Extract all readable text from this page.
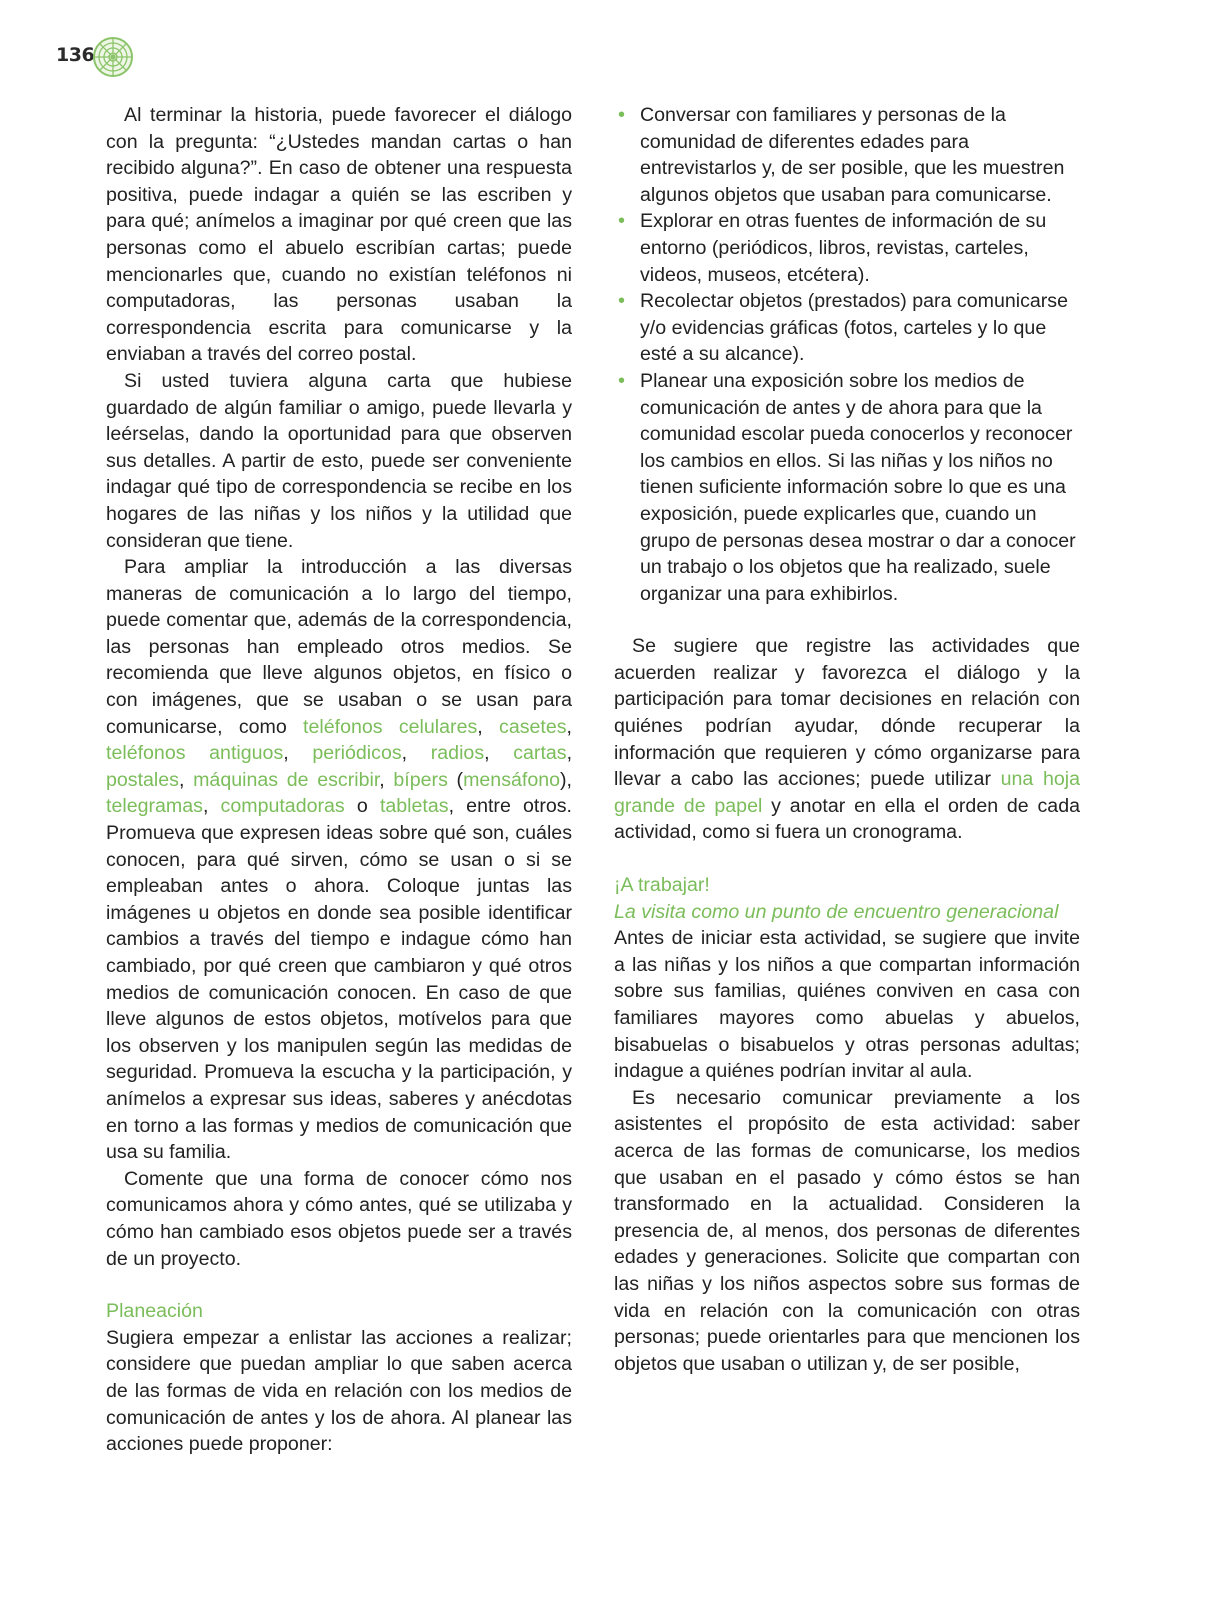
136

Al terminar la historia, puede favorecer el diálogo con la pregunta: “¿Ustedes mandan cartas o han recibido alguna?”. En caso de obtener una respuesta positiva, puede indagar a quién se las escriben y para qué; anímelos a imaginar por qué creen que las personas como el abuelo escribían cartas; puede mencionarles que, cuando no existían teléfonos ni computadoras, las personas usaban la correspondencia escrita para comunicarse y la enviaban a través del correo postal.

Si usted tuviera alguna carta que hubiese guardado de algún familiar o amigo, puede llevarla y leérselas, dando la oportunidad para que observen sus detalles. A partir de esto, puede ser conveniente indagar qué tipo de correspondencia se recibe en los hogares de las niñas y los niños y la utilidad que consideran que tiene.

Para ampliar la introducción a las diversas maneras de comunicación a lo largo del tiempo, puede comentar que, además de la correspondencia, las personas han empleado otros medios. Se recomienda que lleve algunos objetos, en físico o con imágenes, que se usaban o se usan para comunicarse, como teléfonos celulares, casetes, teléfonos antiguos, periódicos, radios, cartas, postales, máquinas de escribir, bípers (mensáfono), telegramas, computadoras o tabletas, entre otros. Promueva que expresen ideas sobre qué son, cuáles conocen, para qué sirven, cómo se usan o si se empleaban antes o ahora. Coloque juntas las imágenes u objetos en donde sea posible identificar cambios a través del tiempo e indague cómo han cambiado, por qué creen que cambiaron y qué otros medios de comunicación conocen. En caso de que lleve algunos de estos objetos, motívelos para que los observen y los manipulen según las medidas de seguridad. Promueva la escucha y la participación, y anímelos a expresar sus ideas, saberes y anécdotas en torno a las formas y medios de comunicación que usa su familia.

Comente que una forma de conocer cómo nos comunicamos ahora y cómo antes, qué se utilizaba y cómo han cambiado esos objetos puede ser a través de un proyecto.

Planeación

Sugiera empezar a enlistar las acciones a realizar; considere que puedan ampliar lo que saben acerca de las formas de vida en relación con los medios de comunicación de antes y los de ahora. Al planear las acciones puede proponer:

• Conversar con familiares y personas de la comunidad de diferentes edades para entrevistarlos y, de ser posible, que les muestren algunos objetos que usaban para comunicarse.
• Explorar en otras fuentes de información de su entorno (periódicos, libros, revistas, carteles, videos, museos, etcétera).
• Recolectar objetos (prestados) para comunicarse y/o evidencias gráficas (fotos, carteles y lo que esté a su alcance).
• Planear una exposición sobre los medios de comunicación de antes y de ahora para que la comunidad escolar pueda conocerlos y reconocer los cambios en ellos. Si las niñas y los niños no tienen suficiente información sobre lo que es una exposición, puede explicarles que, cuando un grupo de personas desea mostrar o dar a conocer un trabajo o los objetos que ha realizado, suele organizar una para exhibirlos.

Se sugiere que registre las actividades que acuerden realizar y favorezca el diálogo y la participación para tomar decisiones en relación con quiénes podrían ayudar, dónde recuperar la información que requieren y cómo organizarse para llevar a cabo las acciones; puede utilizar una hoja grande de papel y anotar en ella el orden de cada actividad, como si fuera un cronograma.

¡A trabajar!
La visita como un punto de encuentro generacional

Antes de iniciar esta actividad, se sugiere que invite a las niñas y los niños a que compartan información sobre sus familias, quiénes conviven en casa con familiares mayores como abuelas y abuelos, bisabuelas o bisabuelos y otras personas adultas; indague a quiénes podrían invitar al aula.

Es necesario comunicar previamente a los asistentes el propósito de esta actividad: saber acerca de las formas de comunicarse, los medios que usaban en el pasado y cómo éstos se han transformado en la actualidad. Consideren la presencia de, al menos, dos personas de diferentes edades y generaciones. Solicite que compartan con las niñas y los niños aspectos sobre sus formas de vida en relación con la comunicación con otras personas; puede orientarles para que mencionen los objetos que usaban o utilizan y, de ser posible,
